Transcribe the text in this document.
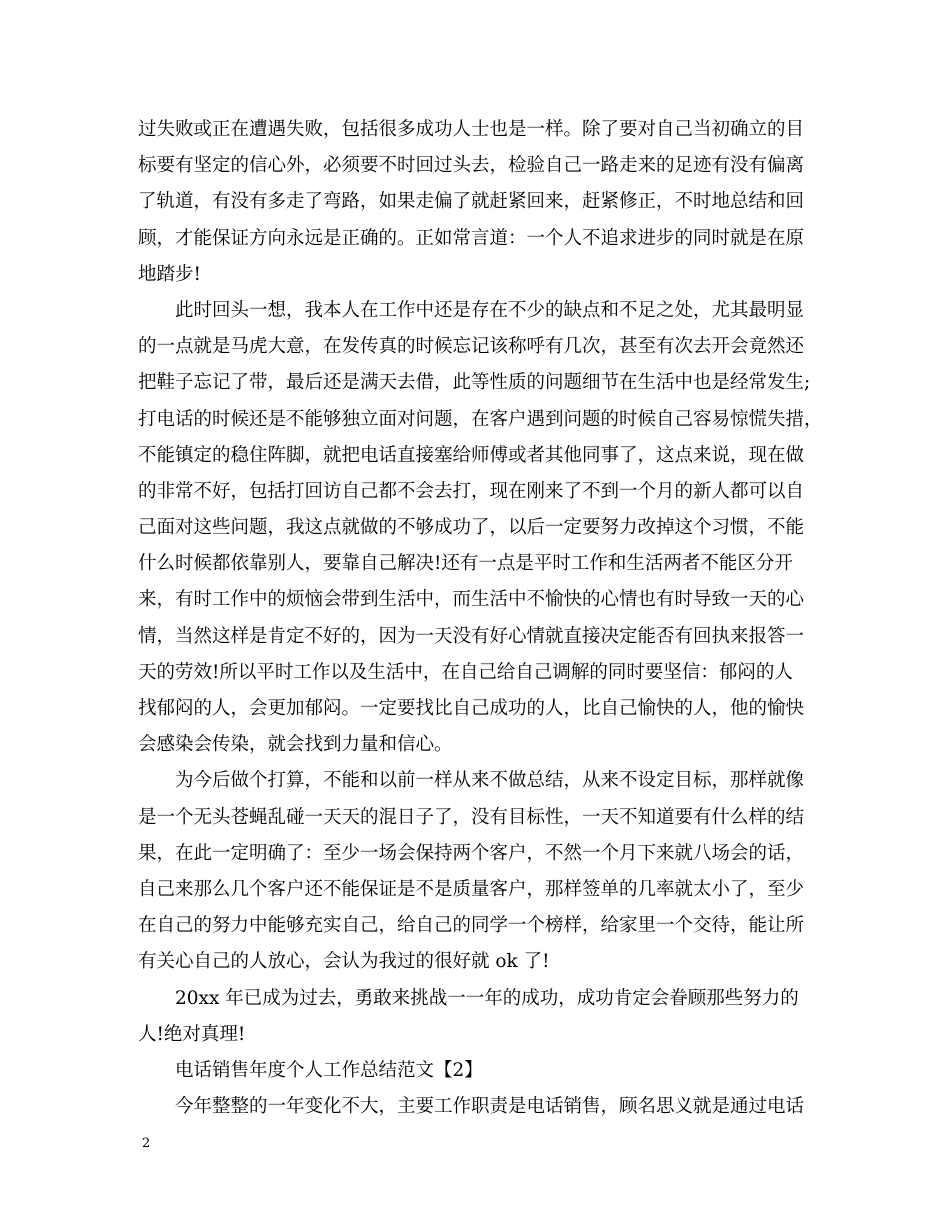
过失败或正在遭遇失败，包括很多成功人士也是一样。除了要对自己当初确立的目
标要有坚定的信心外，必须要不时回过头去，检验自己一路走来的足迹有没有偏离
了轨道，有没有多走了弯路，如果走偏了就赶紧回来，赶紧修正，不时地总结和回
顾，才能保证方向永远是正确的。正如常言道：一个人不追求进步的同时就是在原
地踏步!
此时回头一想，我本人在工作中还是存在不少的缺点和不足之处，尤其最明显
的一点就是马虎大意，在发传真的时候忘记该称呼有几次，甚至有次去开会竟然还
把鞋子忘记了带，最后还是满天去借，此等性质的问题细节在生活中也是经常发生;
打电话的时候还是不能够独立面对问题，在客户遇到问题的时候自己容易惊慌失措，
不能镇定的稳住阵脚，就把电话直接塞给师傅或者其他同事了，这点来说，现在做
的非常不好，包括打回访自己都不会去打，现在刚来了不到一个月的新人都可以自
己面对这些问题，我这点就做的不够成功了，以后一定要努力改掉这个习惯，不能
什么时候都依靠别人，要靠自己解决!还有一点是平时工作和生活两者不能区分开
来，有时工作中的烦恼会带到生活中，而生活中不愉快的心情也有时导致一天的心
情，当然这样是肯定不好的，因为一天没有好心情就直接决定能否有回执来报答一
天的劳效!所以平时工作以及生活中，在自己给自己调解的同时要坚信：郁闷的人
找郁闷的人，会更加郁闷。一定要找比自己成功的人，比自己愉快的人，他的愉快
会感染会传染，就会找到力量和信心。
为今后做个打算，不能和以前一样从来不做总结，从来不设定目标，那样就像
是一个无头苍蝇乱碰一天天的混日子了，没有目标性，一天不知道要有什么样的结
果，在此一定明确了：至少一场会保持两个客户，不然一个月下来就八场会的话，
自己来那么几个客户还不能保证是不是质量客户，那样签单的几率就太小了，至少
在自己的努力中能够充实自己，给自己的同学一个榜样，给家里一个交待，能让所
有关心自己的人放心，会认为我过的很好就 ok 了!
20xx 年已成为过去，勇敢来挑战一一年的成功，成功肯定会眷顾那些努力的
人!绝对真理!
电话销售年度个人工作总结范文【2】
今年整整的一年变化不大，主要工作职责是电话销售，顾名思义就是通过电话
2
